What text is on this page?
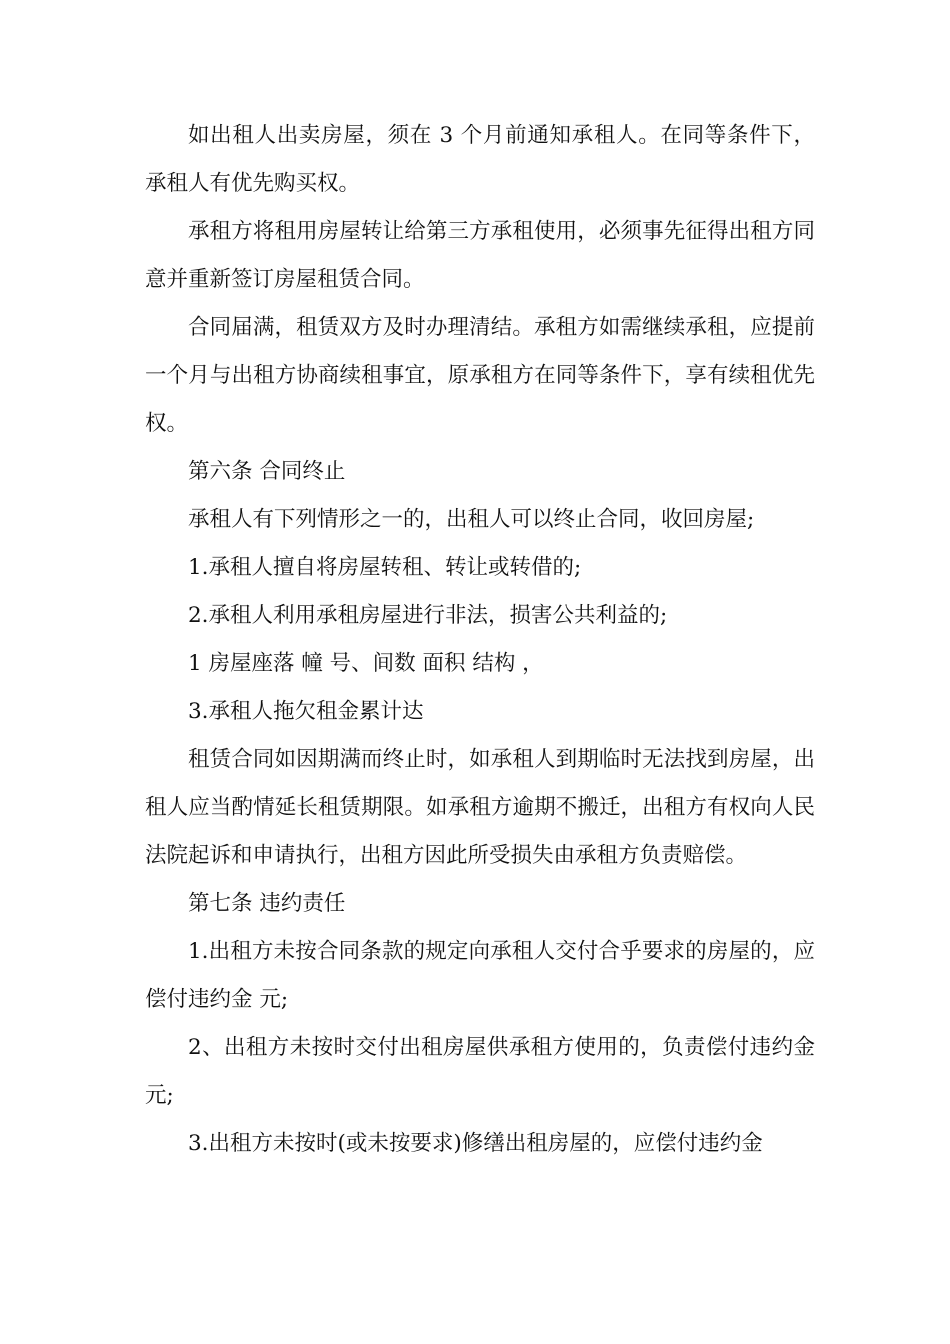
如出租人出卖房屋，须在 3 个月前通知承租人。在同等条件下，承租人有优先购买权。

承租方将租用房屋转让给第三方承租使用，必须事先征得出租方同意并重新签订房屋租赁合同。

合同届满，租赁双方及时办理清结。承租方如需继续承租，应提前一个月与出租方协商续租事宜，原承租方在同等条件下，享有续租优先权。

第六条 合同终止

承租人有下列情形之一的，出租人可以终止合同，收回房屋;

1.承租人擅自将房屋转租、转让或转借的;

2.承租人利用承租房屋进行非法，损害公共利益的;

1 房屋座落 幢 号、间数 面积 结构 ，

3.承租人拖欠租金累计达

租赁合同如因期满而终止时，如承租人到期临时无法找到房屋，出租人应当酌情延长租赁期限。如承租方逾期不搬迁，出租方有权向人民法院起诉和申请执行，出租方因此所受损失由承租方负责赔偿。

第七条 违约责任

1.出租方未按合同条款的规定向承租人交付合乎要求的房屋的，应偿付违约金 元;

2、出租方未按时交付出租房屋供承租方使用的，负责偿付违约金元;

3.出租方未按时(或未按要求)修缮出租房屋的，应偿付违约金
